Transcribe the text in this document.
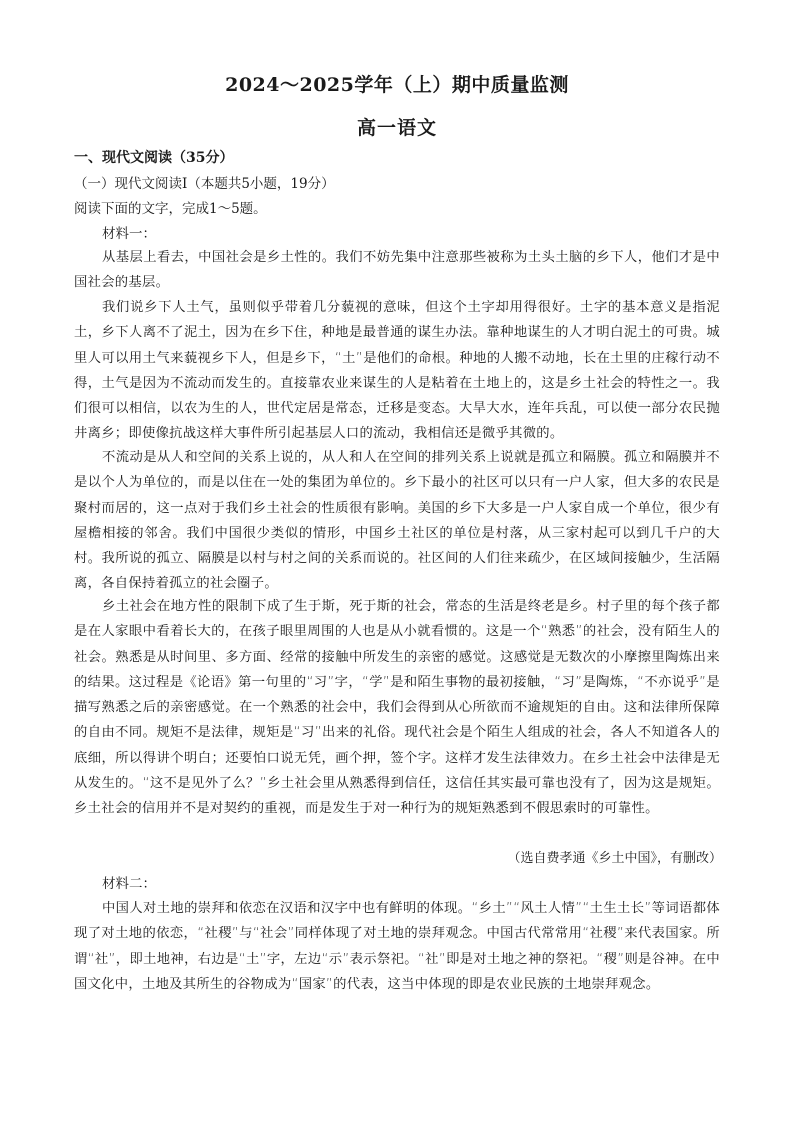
2024～2025学年（上）期中质量监测
高一语文
一、现代文阅读（35分）
（一）现代文阅读Ⅰ（本题共5小题，19分）
阅读下面的文字，完成1～5题。
材料一：
从基层上看去，中国社会是乡土性的。我们不妨先集中注意那些被称为土头土脑的乡下人，他们才是中国社会的基层。
我们说乡下人土气，虽则似乎带着几分藐视的意味，但这个土字却用得很好。土字的基本意义是指泥土，乡下人离不了泥土，因为在乡下住，种地是最普通的谋生办法。靠种地谋生的人才明白泥土的可贵。城里人可以用土气来藐视乡下人，但是乡下，“土”是他们的命根。种地的人搬不动地，长在土里的庄稼行动不得，土气是因为不流动而发生的。直接靠农业来谋生的人是粘着在土地上的，这是乡土社会的特性之一。我们很可以相信，以农为生的人，世代定居是常态，迁移是变态。大旱大水，连年兵乱，可以使一部分农民抛井离乡；即使像抗战这样大事件所引起基层人口的流动，我相信还是微乎其微的。
不流动是从人和空间的关系上说的，从人和人在空间的排列关系上说就是孤立和隔膜。孤立和隔膜并不是以个人为单位的，而是以住在一处的集团为单位的。乡下最小的社区可以只有一户人家，但大多的农民是聚村而居的，这一点对于我们乡土社会的性质很有影响。美国的乡下大多是一户人家自成一个单位，很少有屋檐相接的邻舍。我们中国很少类似的情形，中国乡土社区的单位是村落，从三家村起可以到几千户的大村。我所说的孤立、隔膜是以村与村之间的关系而说的。社区间的人们往来疏少，在区域间接触少，生活隔离，各自保持着孤立的社会圈子。
乡土社会在地方性的限制下成了生于斯，死于斯的社会，常态的生活是终老是乡。村子里的每个孩子都是在人家眼中看着长大的，在孩子眼里周围的人也是从小就看惯的。这是一个“熟悉”的社会，没有陌生人的社会。熟悉是从时间里、多方面、经常的接触中所发生的亲密的感觉。这感觉是无数次的小摩擦里陶炼出来的结果。这过程是《论语》第一句里的“习”字，“学”是和陌生事物的最初接触，“习”是陶炼，“不亦说乎”是描写熟悉之后的亲密感觉。在一个熟悉的社会中，我们会得到从心所欲而不逾规矩的自由。这和法律所保障的自由不同。规矩不是法律，规矩是“习”出来的礼俗。现代社会是个陌生人组成的社会，各人不知道各人的底细，所以得讲个明白；还要怕口说无凭，画个押，签个字。这样才发生法律效力。在乡土社会中法律是无从发生的。“这不是见外了么？”乡土社会里从熟悉得到信任，这信任其实最可靠也没有了，因为这是规矩。乡土社会的信用并不是对契约的重视，而是发生于对一种行为的规矩熟悉到不假思索时的可靠性。
（选自费孝通《乡土中国》，有删改）
材料二：
中国人对土地的崇拜和依恋在汉语和汉字中也有鲜明的体现。“乡土”“风土人情”“土生土长”等词语都体现了对土地的依恋，“社稷”与“社会”同样体现了对土地的崇拜观念。中国古代常常用“社稷”来代表国家。所谓“社”，即土地神，右边是“土”字，左边“示”表示祭祀。“社”即是对土地之神的祭祀。“稷”则是谷神。在中国文化中，土地及其所生的谷物成为“国家”的代表，这当中体现的即是农业民族的土地崇拜观念。
